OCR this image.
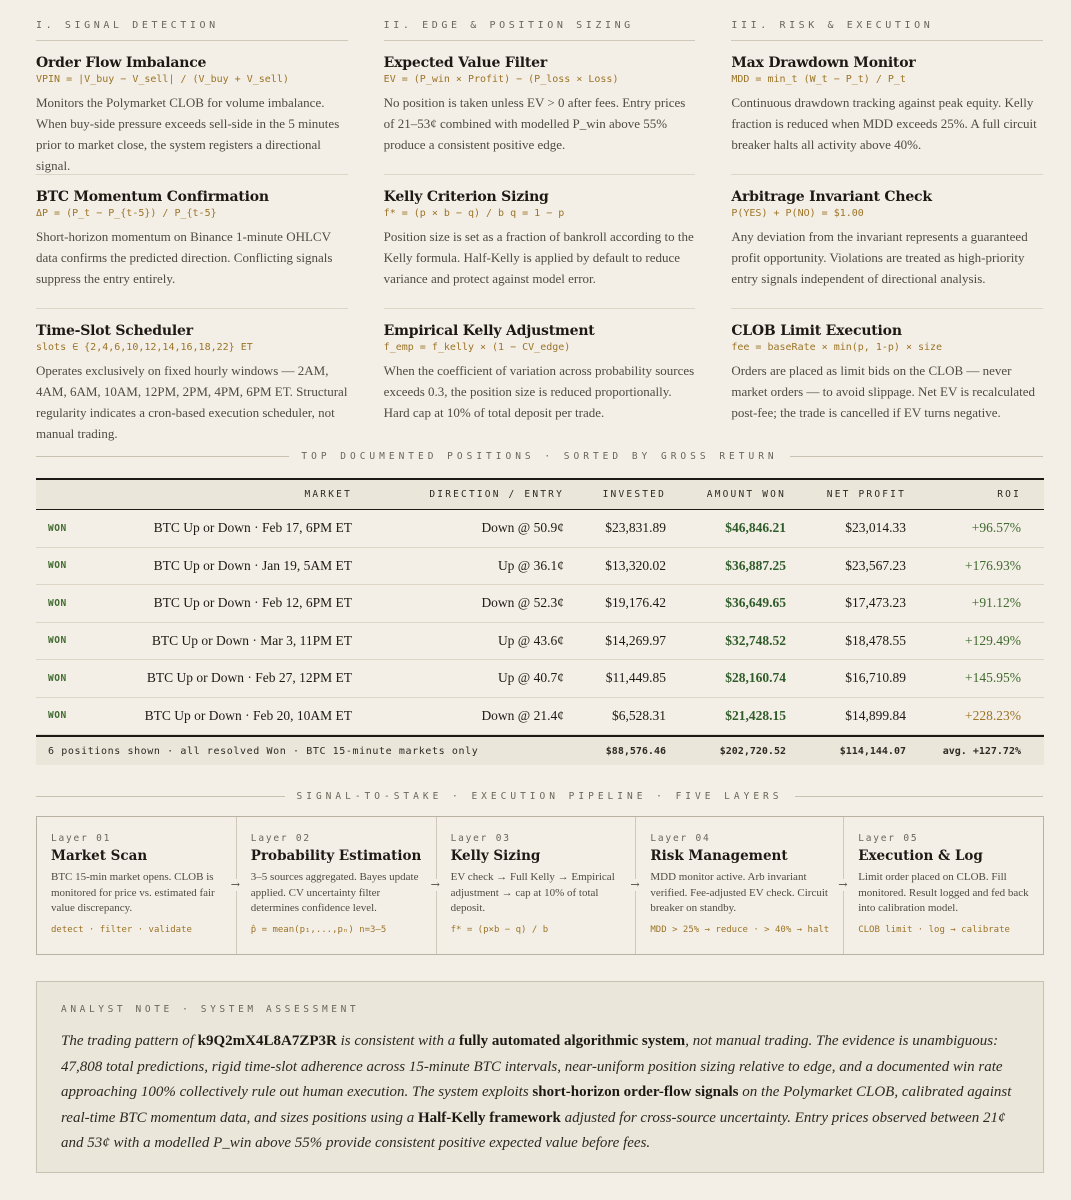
I. SIGNAL DETECTION
Order Flow Imbalance
VPIN = |V_buy − V_sell| / (V_buy + V_sell)
Monitors the Polymarket CLOB for volume imbalance. When buy-side pressure exceeds sell-side in the 5 minutes prior to market close, the system registers a directional signal.
BTC Momentum Confirmation
ΔP = (P_t − P_{t-5}) / P_{t-5}
Short-horizon momentum on Binance 1-minute OHLCV data confirms the predicted direction. Conflicting signals suppress the entry entirely.
Time-Slot Scheduler
slots ∈ {2,4,6,10,12,14,16,18,22} ET
Operates exclusively on fixed hourly windows — 2AM, 4AM, 6AM, 10AM, 12PM, 2PM, 4PM, 6PM ET. Structural regularity indicates a cron-based execution scheduler, not manual trading.
II. EDGE & POSITION SIZING
Expected Value Filter
EV = (P_win × Profit) − (P_loss × Loss)
No position is taken unless EV > 0 after fees. Entry prices of 21–53¢ combined with modelled P_win above 55% produce a consistent positive edge.
Kelly Criterion Sizing
f* = (p × b − q) / b q = 1 − p
Position size is set as a fraction of bankroll according to the Kelly formula. Half-Kelly is applied by default to reduce variance and protect against model error.
Empirical Kelly Adjustment
f_emp = f_kelly × (1 − CV_edge)
When the coefficient of variation across probability sources exceeds 0.3, the position size is reduced proportionally. Hard cap at 10% of total deposit per trade.
III. RISK & EXECUTION
Max Drawdown Monitor
MDD = min_t (W_t − P_t) / P_t
Continuous drawdown tracking against peak equity. Kelly fraction is reduced when MDD exceeds 25%. A full circuit breaker halts all activity above 40%.
Arbitrage Invariant Check
P(YES) + P(NO) = $1.00
Any deviation from the invariant represents a guaranteed profit opportunity. Violations are treated as high-priority entry signals independent of directional analysis.
CLOB Limit Execution
fee = baseRate × min(p, 1-p) × size
Orders are placed as limit bids on the CLOB — never market orders — to avoid slippage. Net EV is recalculated post-fee; the trade is cancelled if EV turns negative.
TOP DOCUMENTED POSITIONS · SORTED BY GROSS RETURN
MARKET	DIRECTION / ENTRY	INVESTED	AMOUNT WON	NET PROFIT	ROI
WON	BTC Up or Down · Feb 17, 6PM ET	Down @ 50.9¢	$23,831.89	$46,846.21	$23,014.33	+96.57%
WON	BTC Up or Down · Jan 19, 5AM ET	Up @ 36.1¢	$13,320.02	$36,887.25	$23,567.23	+176.93%
WON	BTC Up or Down · Feb 12, 6PM ET	Down @ 52.3¢	$19,176.42	$36,649.65	$17,473.23	+91.12%
WON	BTC Up or Down · Mar 3, 11PM ET	Up @ 43.6¢	$14,269.97	$32,748.52	$18,478.55	+129.49%
WON	BTC Up or Down · Feb 27, 12PM ET	Up @ 40.7¢	$11,449.85	$28,160.74	$16,710.89	+145.95%
WON	BTC Up or Down · Feb 20, 10AM ET	Down @ 21.4¢	$6,528.31	$21,428.15	$14,899.84	+228.23%
6 positions shown · all resolved Won · BTC 15-minute markets only	$88,576.46	$202,720.52	$114,144.07	avg. +127.72%
SIGNAL-TO-STAKE · EXECUTION PIPELINE · FIVE LAYERS
Layer 01
Market Scan
BTC 15-min market opens. CLOB is monitored for price vs. estimated fair value discrepancy.
detect · filter · validate
→
Layer 02
Probability Estimation
3–5 sources aggregated. Bayes update applied. CV uncertainty filter determines confidence level.
p̂ = mean(p₁,...,pₙ) n=3–5
→
Layer 03
Kelly Sizing
EV check → Full Kelly → Empirical adjustment → cap at 10% of total deposit.
f* = (p×b − q) / b
→
Layer 04
Risk Management
MDD monitor active. Arb invariant verified. Fee-adjusted EV check. Circuit breaker on standby.
MDD > 25% → reduce · > 40% → halt
→
Layer 05
Execution & Log
Limit order placed on CLOB. Fill monitored. Result logged and fed back into calibration model.
CLOB limit · log → calibrate
ANALYST NOTE · SYSTEM ASSESSMENT

The trading pattern of k9Q2mX4L8A7ZP3R is consistent with a fully automated algorithmic system, not manual trading. The evidence is unambiguous: 47,808 total predictions, rigid time-slot adherence across 15-minute BTC intervals, near-uniform position sizing relative to edge, and a documented win rate approaching 100% collectively rule out human execution. The system exploits short-horizon order-flow signals on the Polymarket CLOB, calibrated against real-time BTC momentum data, and sizes positions using a Half-Kelly framework adjusted for cross-source uncertainty. Entry prices observed between 21¢ and 53¢ with a modelled P_win above 55% provide consistent positive expected value before fees.
